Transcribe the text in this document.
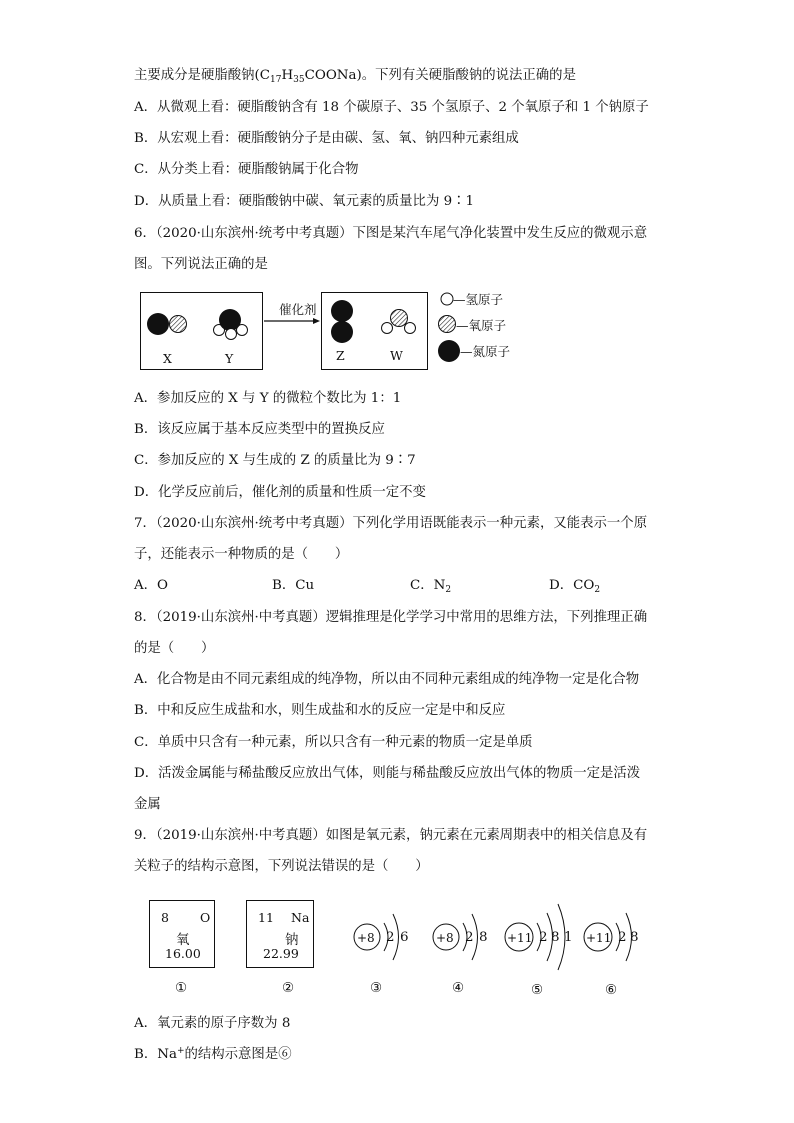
主要成分是硬脂酸钠$(C_{17}H_{35}COONa)$。下列有关硬脂酸钠的说法正确的是
A．从微观上看：硬脂酸钠含有 18 个碳原子、35 个氢原子、2 个氧原子和 1 个钠原子
B．从宏观上看：硬脂酸钠分子是由碳、氢、氧、钠四种元素组成
C．从分类上看：硬脂酸钠属于化合物
D．从质量上看：硬脂酸钠中碳、氧元素的质量比为 9∶1
6．（2020·山东滨州·统考中考真题）下图是某汽车尾气净化装置中发生反应的微观示意
图。下列说法正确的是
催化剂
X	Y	Z	W
—氢原子
—氧原子
—氮原子
A．参加反应的 X 与 Y 的微粒个数比为 1：1
B．该反应属于基本反应类型中的置换反应
C．参加反应的 X 与生成的 Z 的质量比为 9∶7
D．化学反应前后，催化剂的质量和性质一定不变
7．（2020·山东滨州·统考中考真题）下列化学用语既能表示一种元素，又能表示一个原
子，还能表示一种物质的是（　　）
A．O	B．Cu	C．$N_2$	D．$CO_2$
8．（2019·山东滨州·中考真题）逻辑推理是化学学习中常用的思维方法，下列推理正确
的是（　　）
A．化合物是由不同元素组成的纯净物，所以由不同种元素组成的纯净物一定是化合物
B．中和反应生成盐和水，则生成盐和水的反应一定是中和反应
C．单质中只含有一种元素，所以只含有一种元素的物质一定是单质
D．活泼金属能与稀盐酸反应放出气体，则能与稀盐酸反应放出气体的物质一定是活泼
金属
9．（2019·山东滨州·中考真题）如图是氧元素，钠元素在元素周期表中的相关信息及有
关粒子的结构示意图，下列说法错误的是（　　）
8 O
氧
16.00
11 Na
钠
22.99
+8 2 6 +8 2 8 +11 2 8 1 +11 2 8
①	②	③	④	⑤	⑥
A．氧元素的原子序数为 8
B．Na+的结构示意图是⑥
